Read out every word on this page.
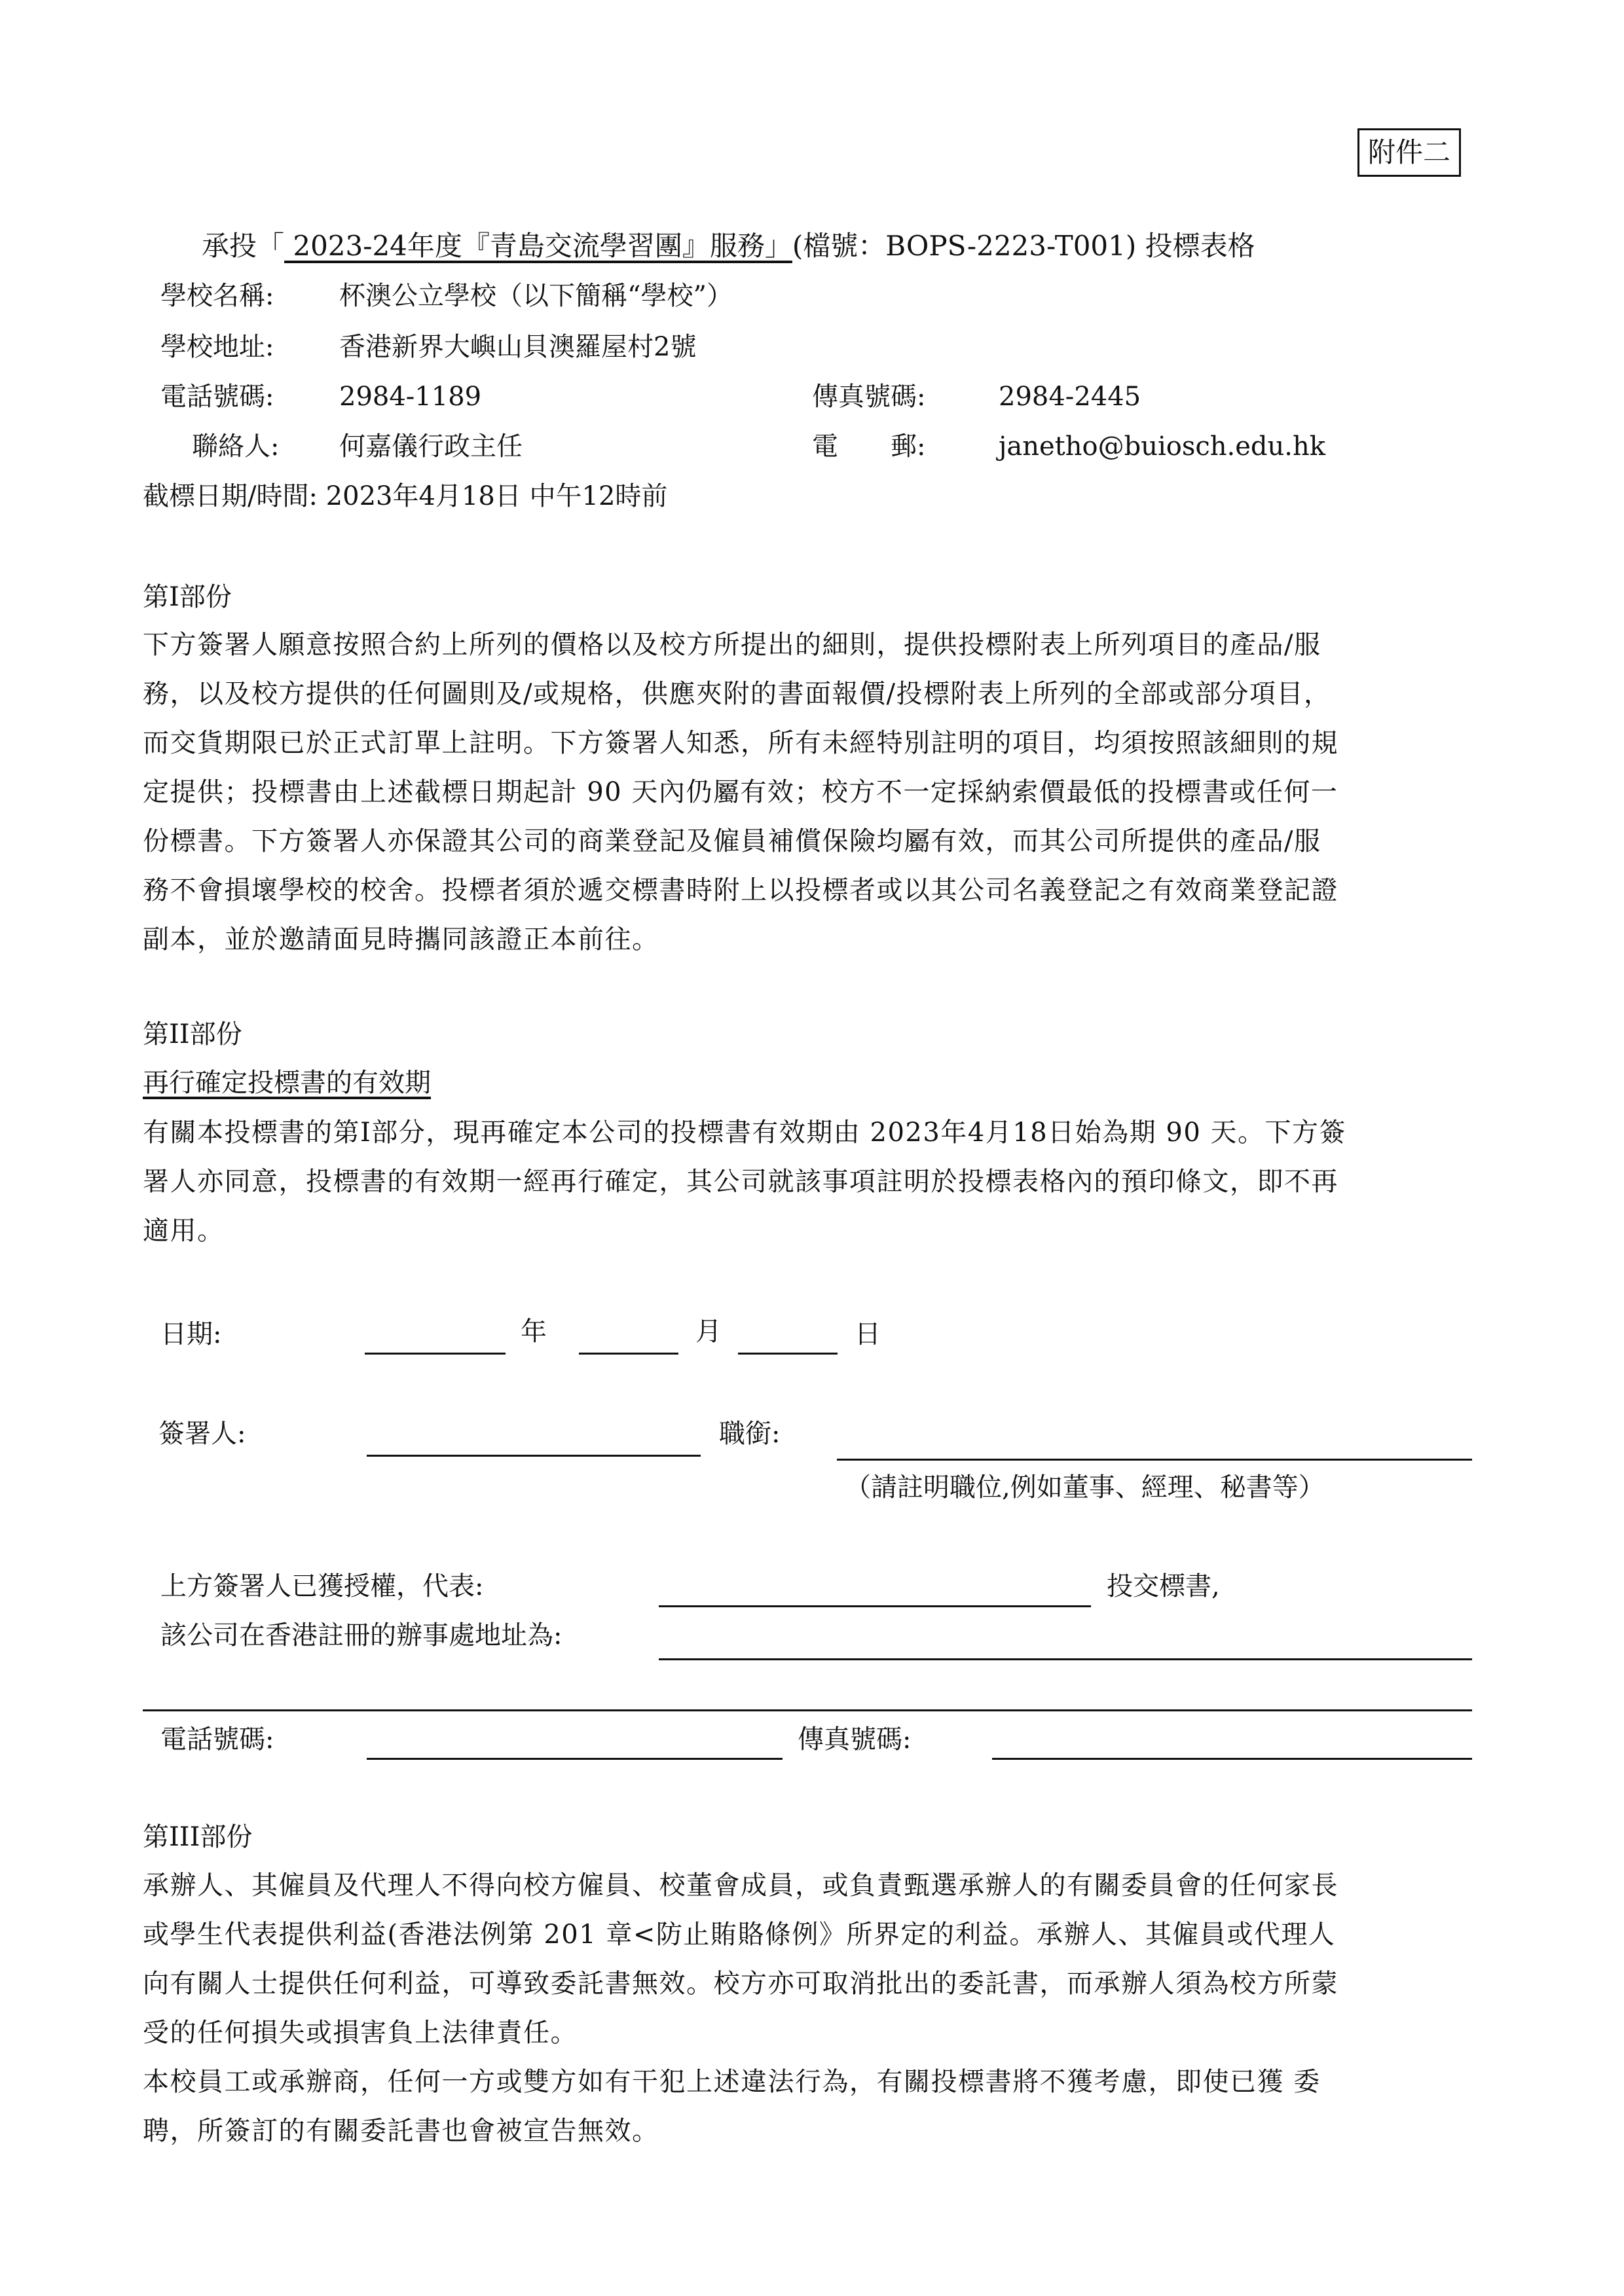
附件二
承投「 2023-24年度『青島交流學習團』服務」(檔號：BOPS-2223-T001) 投標表格
學校名稱: 杯澳公立學校（以下簡稱“學校”）
學校地址: 香港新界大嶼山貝澳羅屋村2號
電話號碼: 2984-1189	傳真號碼:	2984-2445
聯絡人: 何嘉儀行政主任	電　　郵:	janetho@buiosch.edu.hk
截標日期/時間: 2023年4月18日 中午12時前
第I部份
下方簽署人願意按照合約上所列的價格以及校方所提出的細則，提供投標附表上所列項目的產品/服
務，以及校方提供的任何圖則及/或規格，供應夾附的書面報價/投標附表上所列的全部或部分項目，
而交貨期限已於正式訂單上註明。下方簽署人知悉，所有未經特別註明的項目，均須按照該細則的規
定提供；投標書由上述截標日期起計 90 天內仍屬有效；校方不一定採納索價最低的投標書或任何一
份標書。下方簽署人亦保證其公司的商業登記及僱員補償保險均屬有效，而其公司所提供的產品/服
務不會損壞學校的校舍。投標者須於遞交標書時附上以投標者或以其公司名義登記之有效商業登記證
副本，並於邀請面見時攜同該證正本前往。
第II部份
再行確定投標書的有效期
有關本投標書的第I部分，現再確定本公司的投標書有效期由 2023年4月18日始為期 90 天。下方簽
署人亦同意，投標書的有效期一經再行確定，其公司就該事項註明於投標表格內的預印條文，即不再
適用。
日期:	年	月	日
簽署人:	職銜:
（請註明職位,例如董事、經理、秘書等）
上方簽署人已獲授權，代表:	投交標書,
該公司在香港註冊的辦事處地址為:
電話號碼:	傳真號碼:
第III部份
承辦人、其僱員及代理人不得向校方僱員、校董會成員，或負責甄選承辦人的有關委員會的任何家長
或學生代表提供利益(香港法例第 201 章<防止賄賂條例》所界定的利益。承辦人、其僱員或代理人
向有關人士提供任何利益，可導致委託書無效。校方亦可取消批出的委託書，而承辦人須為校方所蒙
受的任何損失或損害負上法律責任。
本校員工或承辦商，任何一方或雙方如有干犯上述違法行為，有關投標書將不獲考慮，即使已獲 委
聘，所簽訂的有關委託書也會被宣告無效。
